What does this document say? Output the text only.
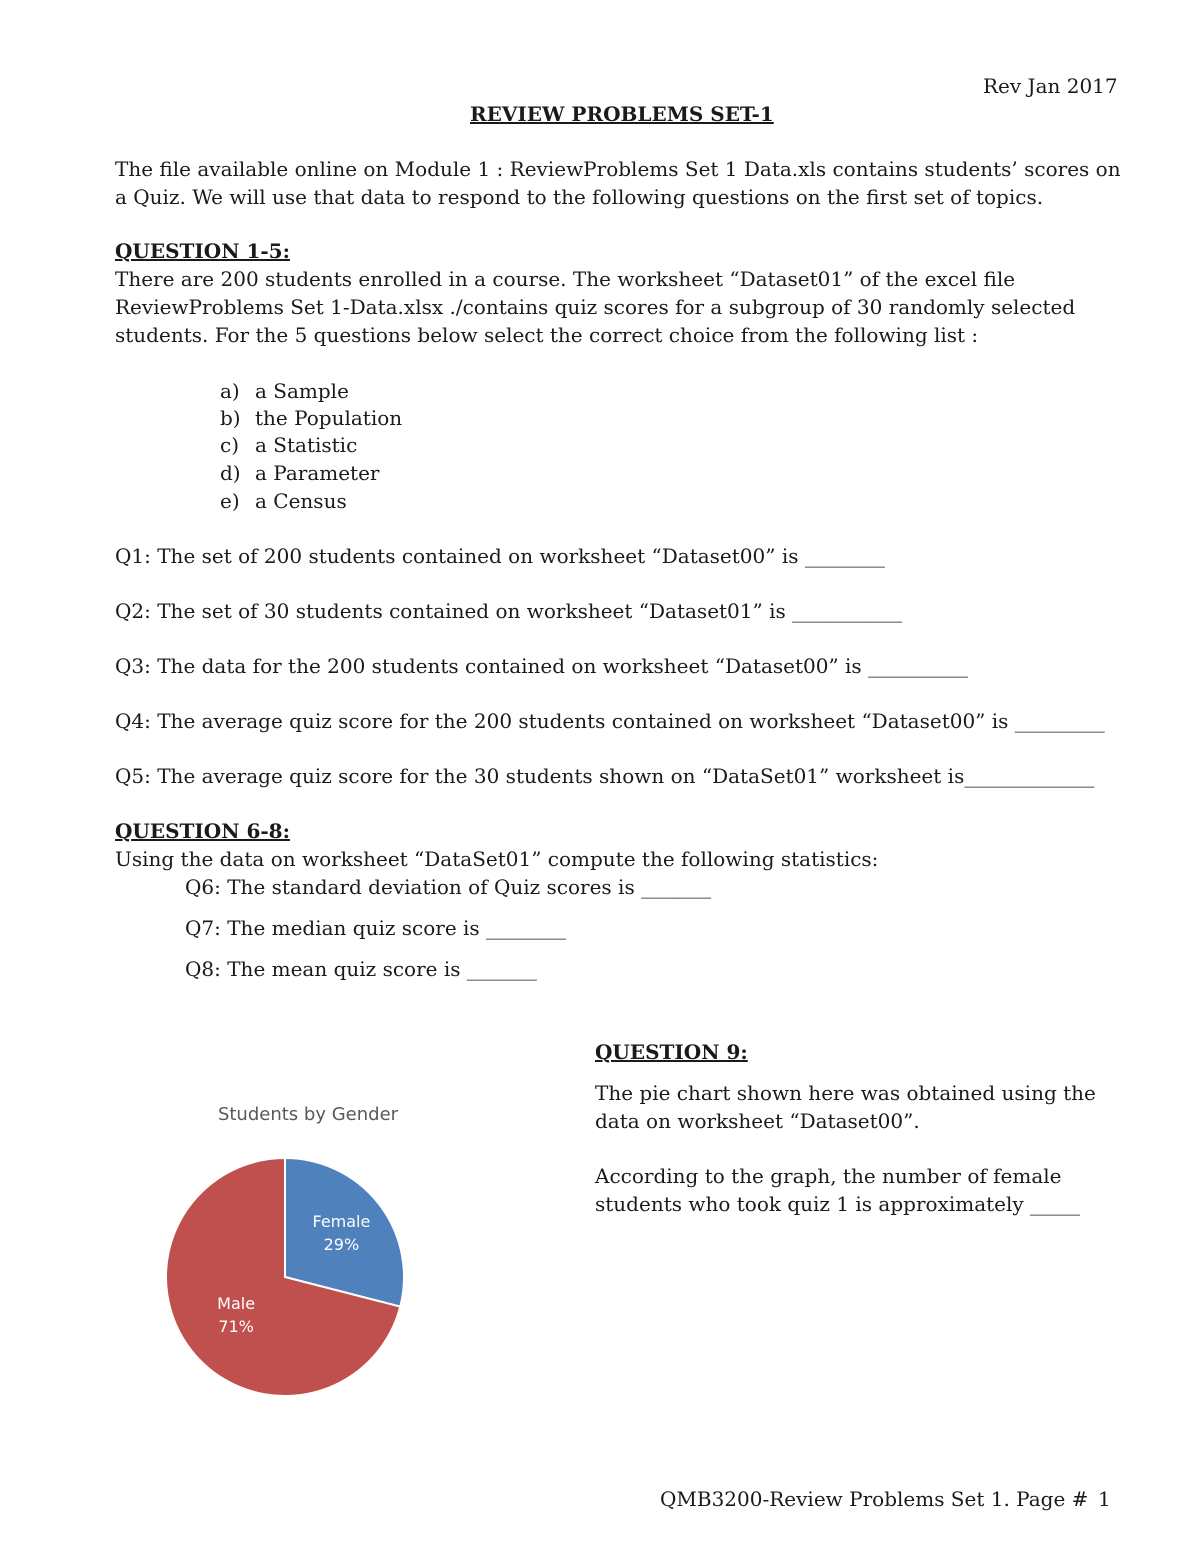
Rev Jan 2017
REVIEW PROBLEMS SET-1
The file available online on Module 1 : ReviewProblems Set 1 Data.xls contains students’ scores on
a Quiz. We will use that data to respond to the following questions on the first set of topics.
QUESTION 1-5:
There are 200 students enrolled in a course. The worksheet “Dataset01” of the excel file
ReviewProblems Set 1-Data.xlsx ./contains quiz scores for a subgroup of 30 randomly selected
students. For the 5 questions below select the correct choice from the following list :
a) a Sample
b) the Population
c) a Statistic
d) a Parameter
e) a Census
Q1: The set of 200 students contained on worksheet “Dataset00” is ________
Q2: The set of 30 students contained on worksheet “Dataset01” is ___________
Q3: The data for the 200 students contained on worksheet “Dataset00” is __________
Q4: The average quiz score for the 200 students contained on worksheet “Dataset00” is _________
Q5: The average quiz score for the 30 students shown on “DataSet01” worksheet is_____________
QUESTION 6-8:
Using the data on worksheet “DataSet01” compute the following statistics:
Q6: The standard deviation of Quiz scores is _______
Q7: The median quiz score is ________
Q8: The mean quiz score is _______
QUESTION 9:
The pie chart shown here was obtained using the
data on worksheet “Dataset00”.
According to the graph, the number of female
students who took quiz 1 is approximately _____
Students by Gender
Female
29%
Male
71%
QMB3200-Review Problems Set 1. Page # 1
